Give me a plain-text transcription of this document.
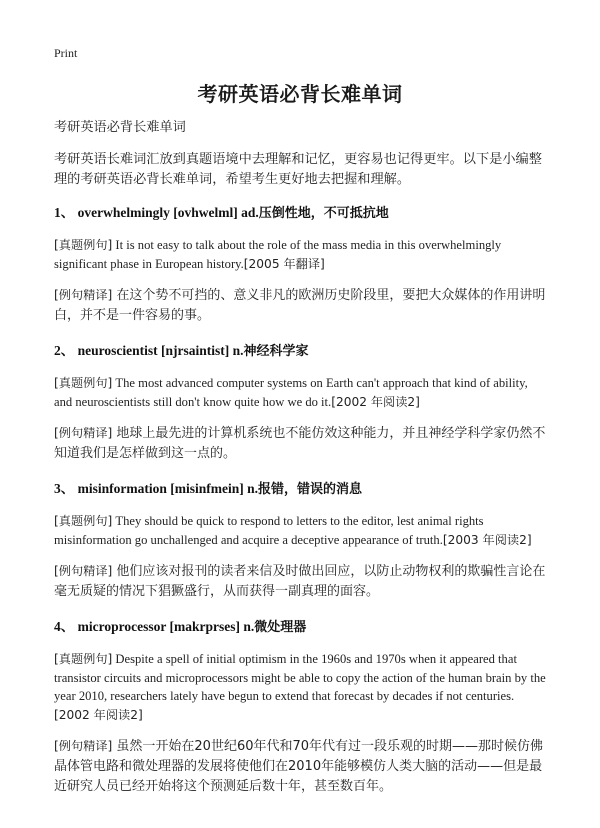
Print
考研英语必背长难单词

考研英语必背长难单词

考研英语长难词汇放到真题语境中去理解和记忆，更容易也记得更牢。以下是小编整理的考研英语必背长难单词，希望考生更好地去把握和理解。

1、 overwhelmingly [ovhwelml] ad.压倒性地，不可抵抗地

[真题例句] It is not easy to talk about the role of the mass media in this overwhelmingly significant phase in European history.[2005 年翻译]

[例句精译] 在这个势不可挡的、意义非凡的欧洲历史阶段里，要把大众媒体的作用讲明白，并不是一件容易的事。

2、 neuroscientist [njrsaintist] n.神经科学家

[真题例句] The most advanced computer systems on Earth can't approach that kind of ability, and neuroscientists still don't know quite how we do it.[2002 年阅读2]

[例句精译] 地球上最先进的计算机系统也不能仿效这种能力，并且神经学科学家仍然不知道我们是怎样做到这一点的。

3、 misinformation [misinfmein] n.报错，错误的消息

[真题例句] They should be quick to respond to letters to the editor, lest animal rights misinformation go unchallenged and acquire a deceptive appearance of truth.[2003 年阅读2]

[例句精译] 他们应该对报刊的读者来信及时做出回应，以防止动物权利的欺骗性言论在毫无质疑的情况下猖獗盛行，从而获得一副真理的面容。

4、 microprocessor [makrprses] n.微处理器

[真题例句] Despite a spell of initial optimism in the 1960s and 1970s when it appeared that transistor circuits and microprocessors might be able to copy the action of the human brain by the year 2010, researchers lately have begun to extend that forecast by decades if not centuries.[2002 年阅读2]

[例句精译] 虽然一开始在20世纪60年代和70年代有过一段乐观的时期——那时候仿佛晶体管电路和微处理器的发展将使他们在2010年能够模仿人类大脑的活动——但是最近研究人员已经开始将这个预测延后数十年，甚至数百年。
